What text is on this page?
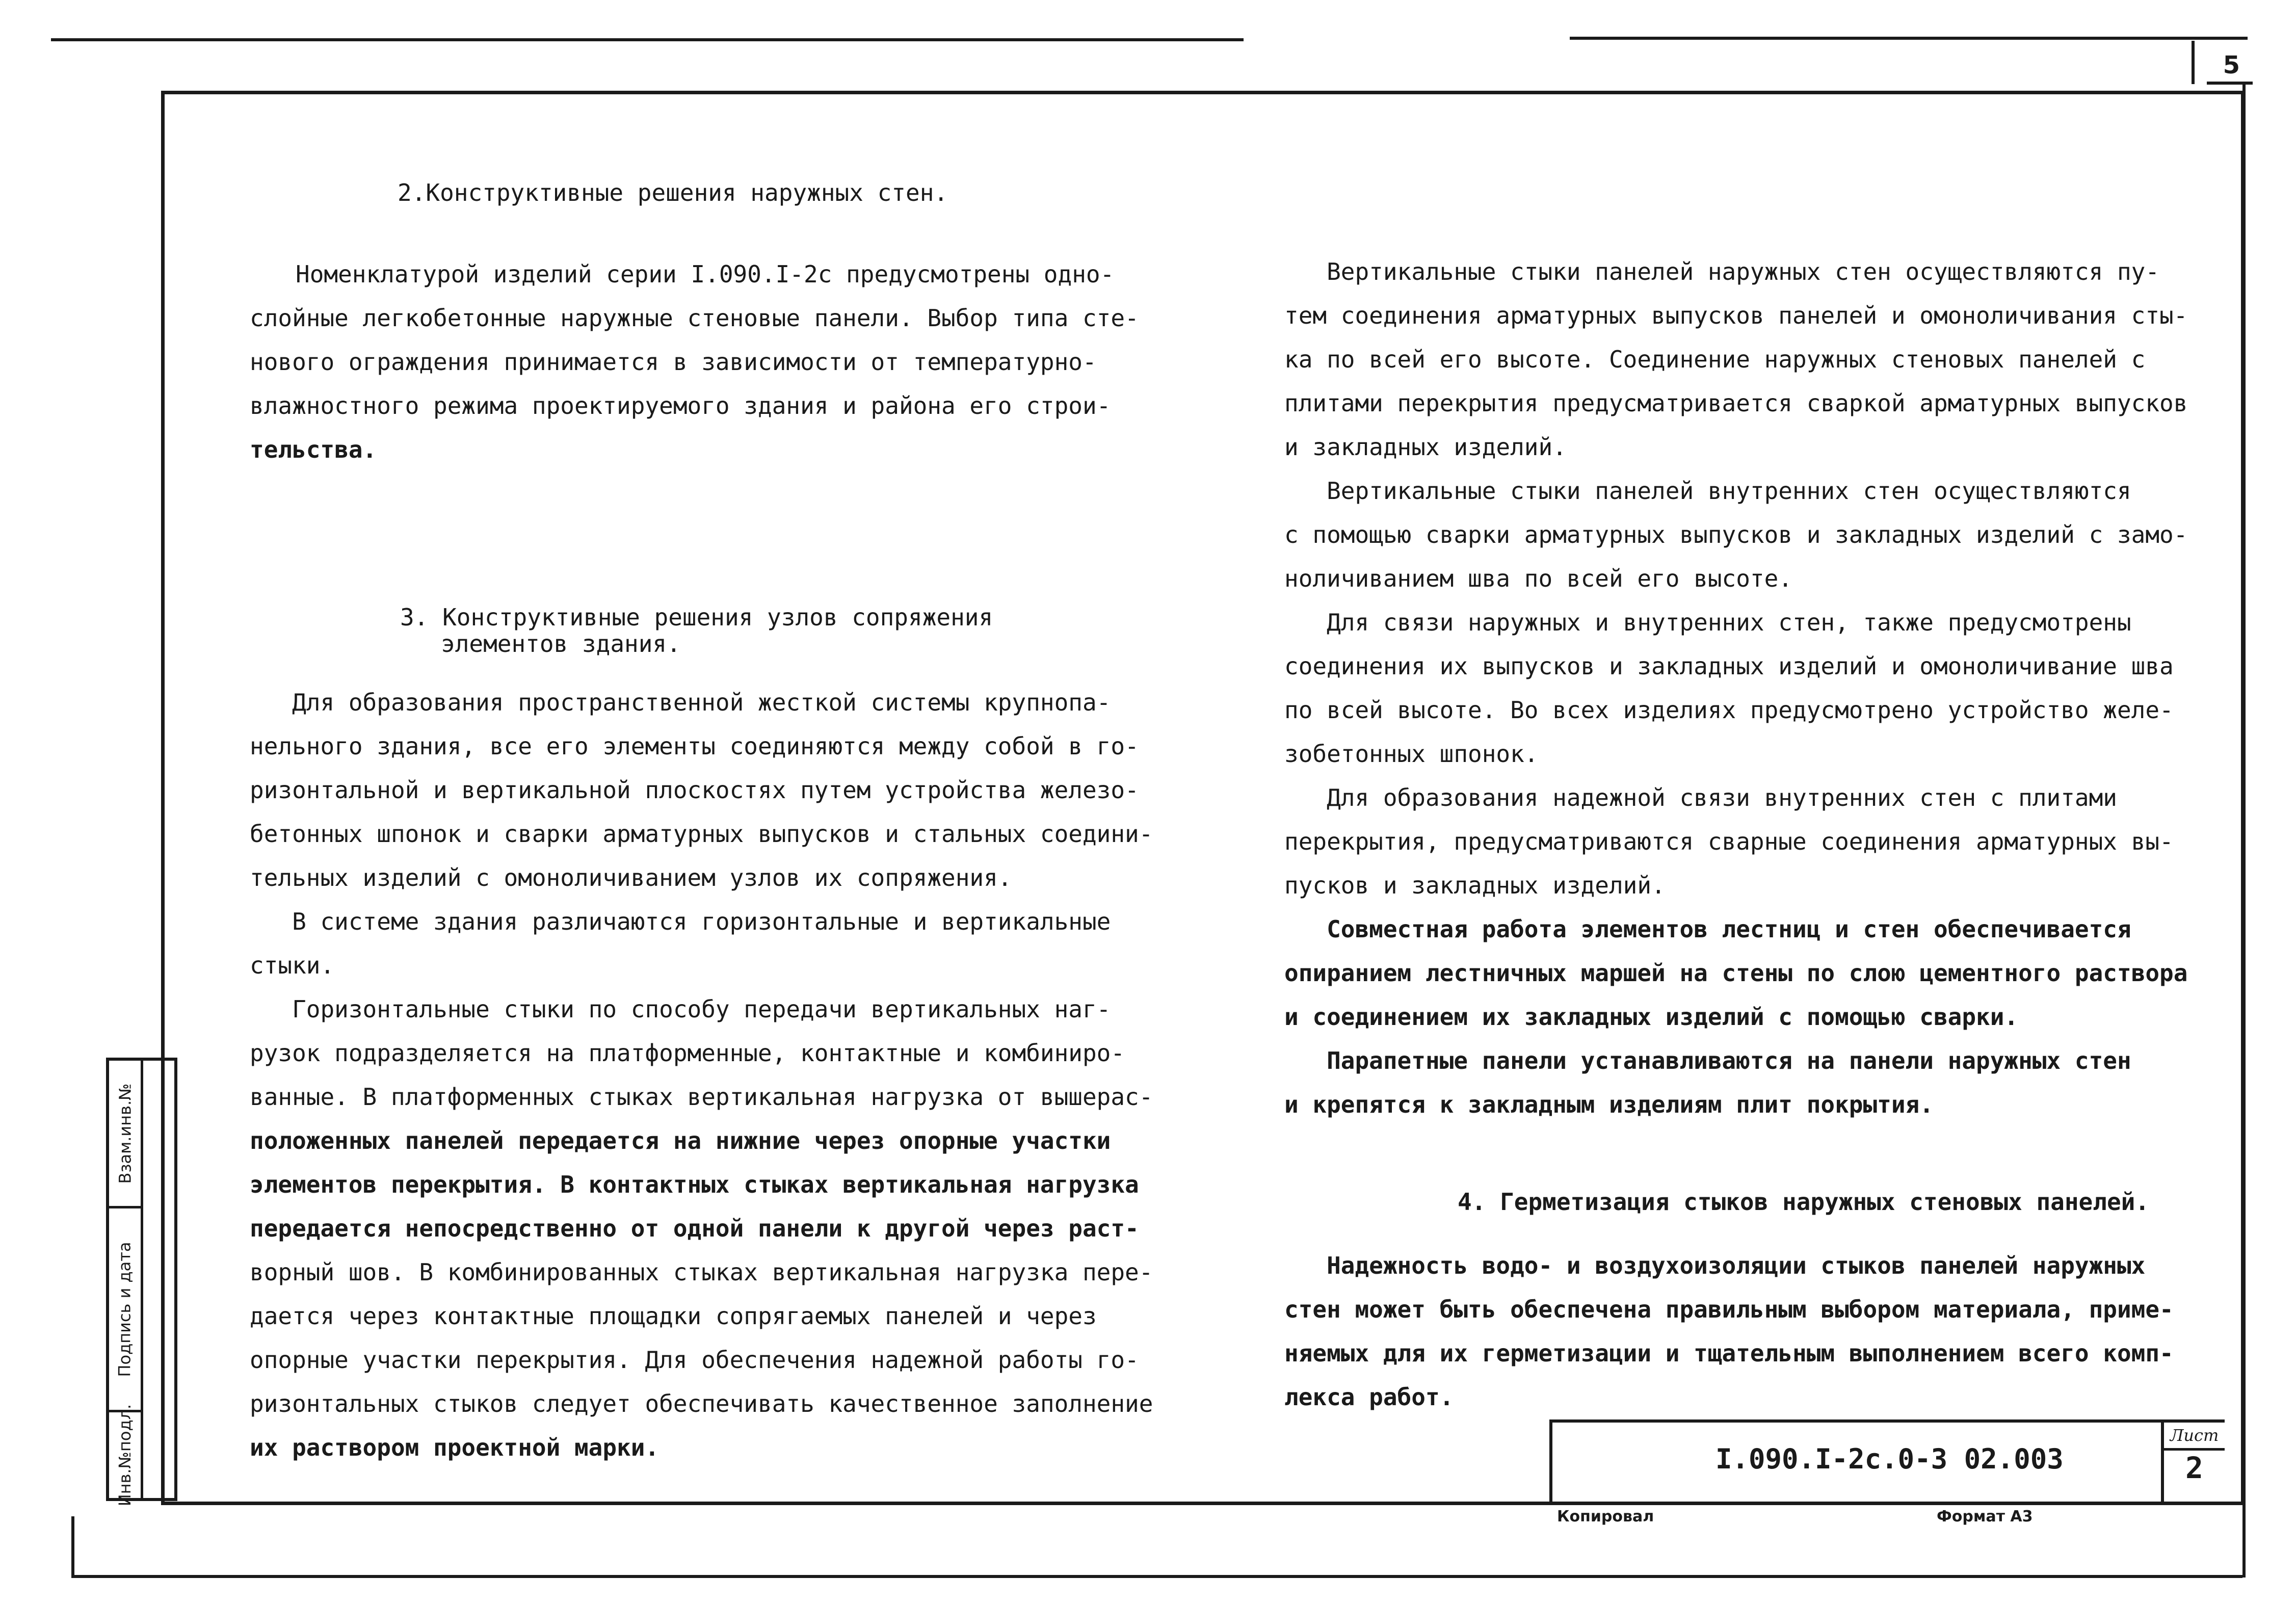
5
2.Конструктивные решения наружных стен.

Номенклатурой изделий серии I.090.I-2с предусмотрены одно-

слойные легкобетонные наружные стеновые панели. Выбор типа сте-

нового ограждения принимается в зависимости от температурно-

влажностного режима проектируемого здания и района его строи-

тельства.

3. Конструктивные решения узлов сопряжения

элементов здания.

Для образования пространственной жесткой системы крупнопа-

нельного здания, все его элементы соединяются между собой в го-

ризонтальной и вертикальной плоскостях путем устройства железо-

бетонных шпонок и сварки арматурных выпусков и стальных соедини-

тельных изделий с омоноличиванием узлов их сопряжения.

В системе здания различаются горизонтальные и вертикальные

стыки.

Горизонтальные стыки по способу передачи вертикальных наг-

рузок подразделяется на платформенные, контактные и комбиниро-

ванные. В платформенных стыках вертикальная нагрузка от вышерас-

положенных панелей передается на нижние через опорные участки

элементов перекрытия. В контактных стыках вертикальная нагрузка

передается непосредственно от одной панели к другой через раст-

ворный шов. В комбинированных стыках вертикальная нагрузка пере-

дается через контактные площадки сопрягаемых панелей и через

опорные участки перекрытия. Для обеспечения надежной работы го-

ризонтальных стыков следует обеспечивать качественное заполнение

их раствором проектной марки.

Вертикальные стыки панелей наружных стен осуществляются пу-

тем соединения арматурных выпусков панелей и омоноличивания сты-

ка по всей его высоте. Соединение наружных стеновых панелей с

плитами перекрытия предусматривается сваркой арматурных выпусков

и закладных изделий.

Вертикальные стыки панелей внутренних стен осуществляются

с помощью сварки арматурных выпусков и закладных изделий с замо-

ноличиванием шва по всей его высоте.

Для связи наружных и внутренних стен, также предусмотрены

соединения их выпусков и закладных изделий и омоноличивание шва

по всей высоте. Во всех изделиях предусмотрено устройство желе-

зобетонных шпонок.

Для образования надежной связи внутренних стен с плитами

перекрытия, предусматриваются сварные соединения арматурных вы-

пусков и закладных изделий.

Совместная работа элементов лестниц и стен обеспечивается

опиранием лестничных маршей на стены по слою цементного раствора

и соединением их закладных изделий с помощью сварки.

Парапетные панели устанавливаются на панели наружных стен

и крепятся к закладным изделиям плит покрытия.

4. Герметизация стыков наружных стеновых панелей.

Надежность водо- и воздухоизоляции стыков панелей наружных

стен может быть обеспечена правильным выбором материала, приме-

няемых для их герметизации и тщательным выполнением всего комп-

лекса работ.

Взам.инв.№
Подпись и дата
Инв.№подл.	I.090.I-2с.0-3 02.003
Лист
2
Копировал	Формат А3
